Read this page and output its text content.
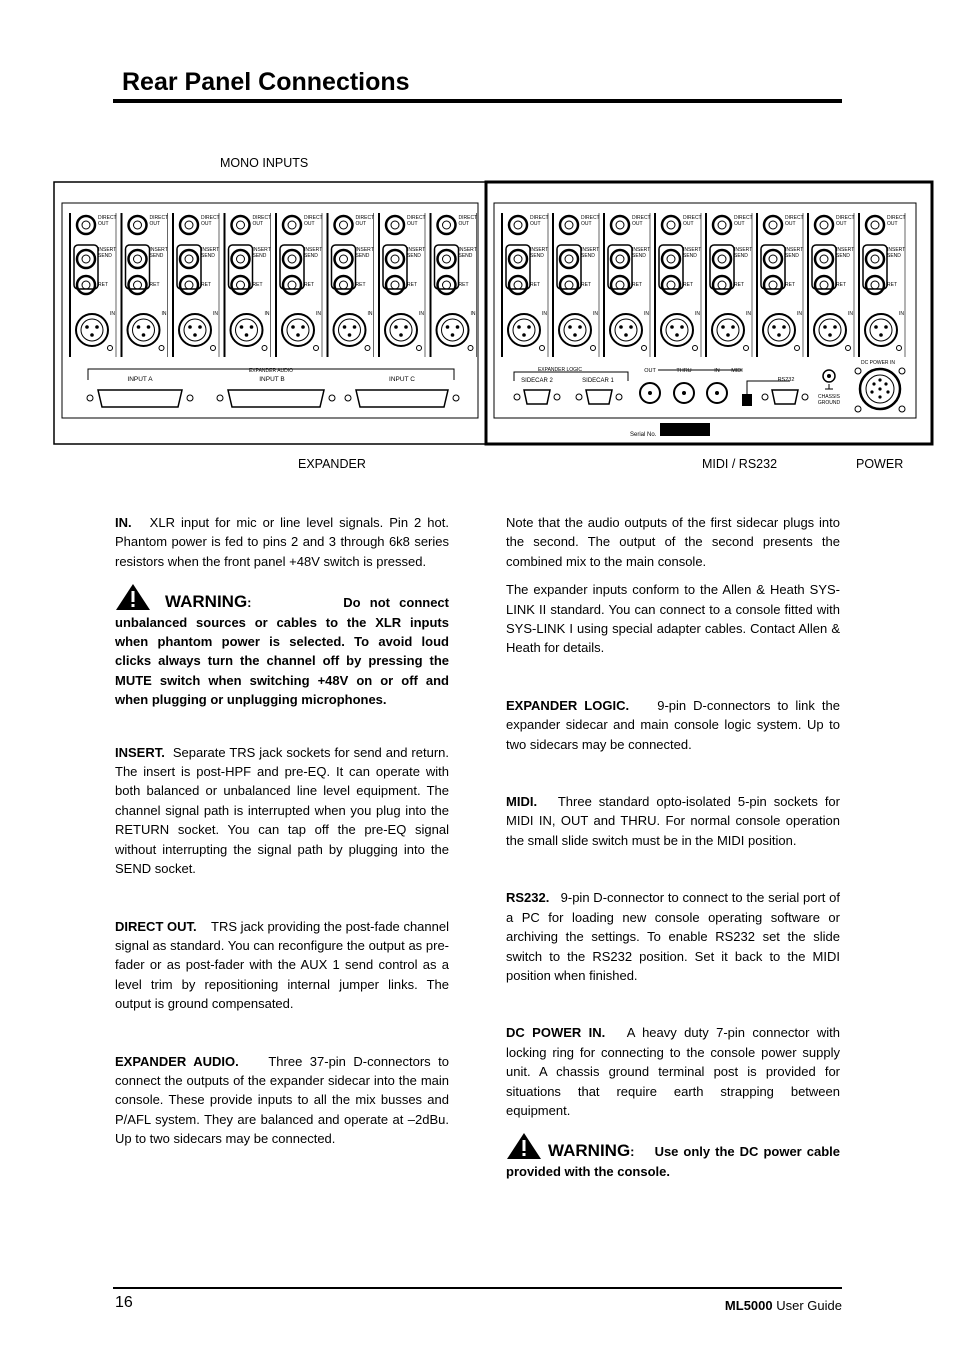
Rear Panel Connections
MONO INPUTS
DIRECT
OUT
INSERT
SEND
RET
IN
DIRECT
OUT
INSERT
SEND
RET
IN
DIRECT
OUT
INSERT
SEND
RET
IN
DIRECT
OUT
INSERT
SEND
RET
IN
DIRECT
OUT
INSERT
SEND
RET
IN
DIRECT
OUT
INSERT
SEND
RET
IN
DIRECT
OUT
INSERT
SEND
RET
IN
DIRECT
OUT
INSERT
SEND
RET
IN
DIRECT
OUT
INSERT
SEND
RET
IN
DIRECT
OUT
INSERT
SEND
RET
IN
DIRECT
OUT
INSERT
SEND
RET
IN
DIRECT
OUT
INSERT
SEND
RET
IN
DIRECT
OUT
INSERT
SEND
RET
IN
DIRECT
OUT
INSERT
SEND
RET
IN
DIRECT
OUT
INSERT
SEND
RET
IN
DIRECT
OUT
INSERT
SEND
RET
IN
EXPANDER AUDIO
INPUT A	INPUT B	INPUT C
EXPANDER LOGIC
SIDECAR 2	SIDECAR 1
OUT	THRU	IN MIDI
RS232
CHASSIS
GROUND
DC POWER IN
Serial No.
EXPANDER	MIDI / RS232	POWER

IN. XLR input for mic or line level signals. Pin 2 hot. Phantom power is fed to pins 2 and 3 through 6k8 series resistors when the front panel +48V switch is pressed.

WARNING:	Do not connect unbalanced sources or cables to the XLR inputs when phantom power is selected. To avoid loud clicks always turn the channel off by pressing the MUTE switch when switching +48V on or off and when plugging or unplugging microphones.

INSERT. Separate TRS jack sockets for send and return. The insert is post-HPF and pre-EQ. It can operate with both balanced or unbalanced line level equipment. The channel signal path is interrupted when you plug into the RETURN socket. You can tap off the pre-EQ signal without interrupting the signal path by plugging into the SEND socket.

DIRECT OUT. TRS jack providing the post-fade channel signal as standard. You can reconfigure the output as pre-fader or as post-fader with the AUX 1 send control as a level trim by repositioning internal jumper links. The output is ground compensated.

EXPANDER AUDIO. Three 37-pin D-connectors to connect the outputs of the expander sidecar into the main console. These provide inputs to all the mix busses and P/AFL system. They are balanced and operate at –2dBu. Up to two sidecars may be connected.

Note that the audio outputs of the first sidecar plugs into the second. The output of the second presents the combined mix to the main console.

The expander inputs conform to the Allen & Heath SYS-LINK II standard. You can connect to a console fitted with SYS-LINK I using special adapter cables. Contact Allen & Heath for details.

EXPANDER LOGIC. 9-pin D-connectors to link the expander sidecar and main console logic system. Up to two sidecars may be connected.

MIDI. Three standard opto-isolated 5-pin sockets for MIDI IN, OUT and THRU. For normal console operation the small slide switch must be in the MIDI position.

RS232. 9-pin D-connector to connect to the serial port of a PC for loading new console operating software or archiving the settings. To enable RS232 set the slide switch to the RS232 position. Set it back to the MIDI position when finished.

DC POWER IN. A heavy duty 7-pin connector with locking ring for connecting to the console power supply unit. A chassis ground terminal post is provided for situations that require earth strapping between equipment.

WARNING: Use only the DC power cable provided with the console.

16	ML5000 User Guide
